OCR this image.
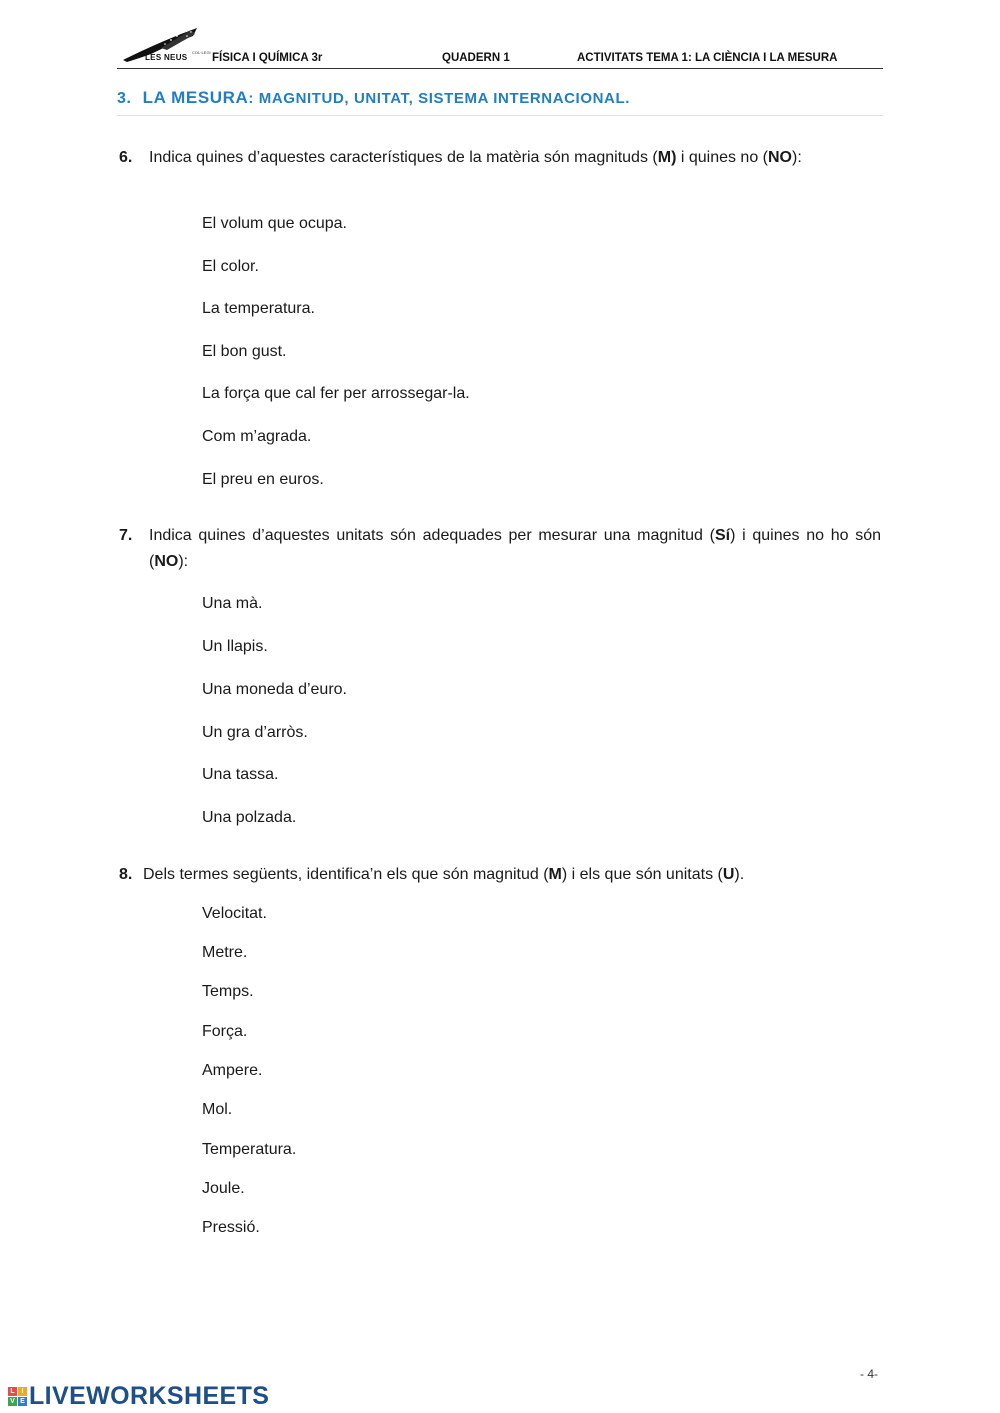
COL·LEGI
LES NEUS FÍSICA I QUÍMICA 3r	QUADERN 1	ACTIVITATS TEMA 1: LA CIÈNCIA I LA MESURA
3. LA MESURA: MAGNITUD, UNITAT, SISTEMA INTERNACIONAL.
6. Indica quines d’aquestes característiques de la matèria són magnituds (M) i quines no (NO):
El volum que ocupa.
El color.
La temperatura.
El bon gust.
La força que cal fer per arrossegar-la.
Com m’agrada.
El preu en euros.
7. Indica quines d’aquestes unitats són adequades per mesurar una magnitud (Sí) i quines no ho són (NO):
Una mà.
Un llapis.
Una moneda d’euro.
Un gra d’arròs.
Una tassa.
Una polzada.
8. Dels termes següents, identifica’n els que són magnitud (M) i els que són unitats (U).
Velocitat.
Metre.
Temps.
Força.
Ampere.
Mol.
Temperatura.
Joule.
Pressió.
- 4-
L I
V E LIVEWORKSHEETS
